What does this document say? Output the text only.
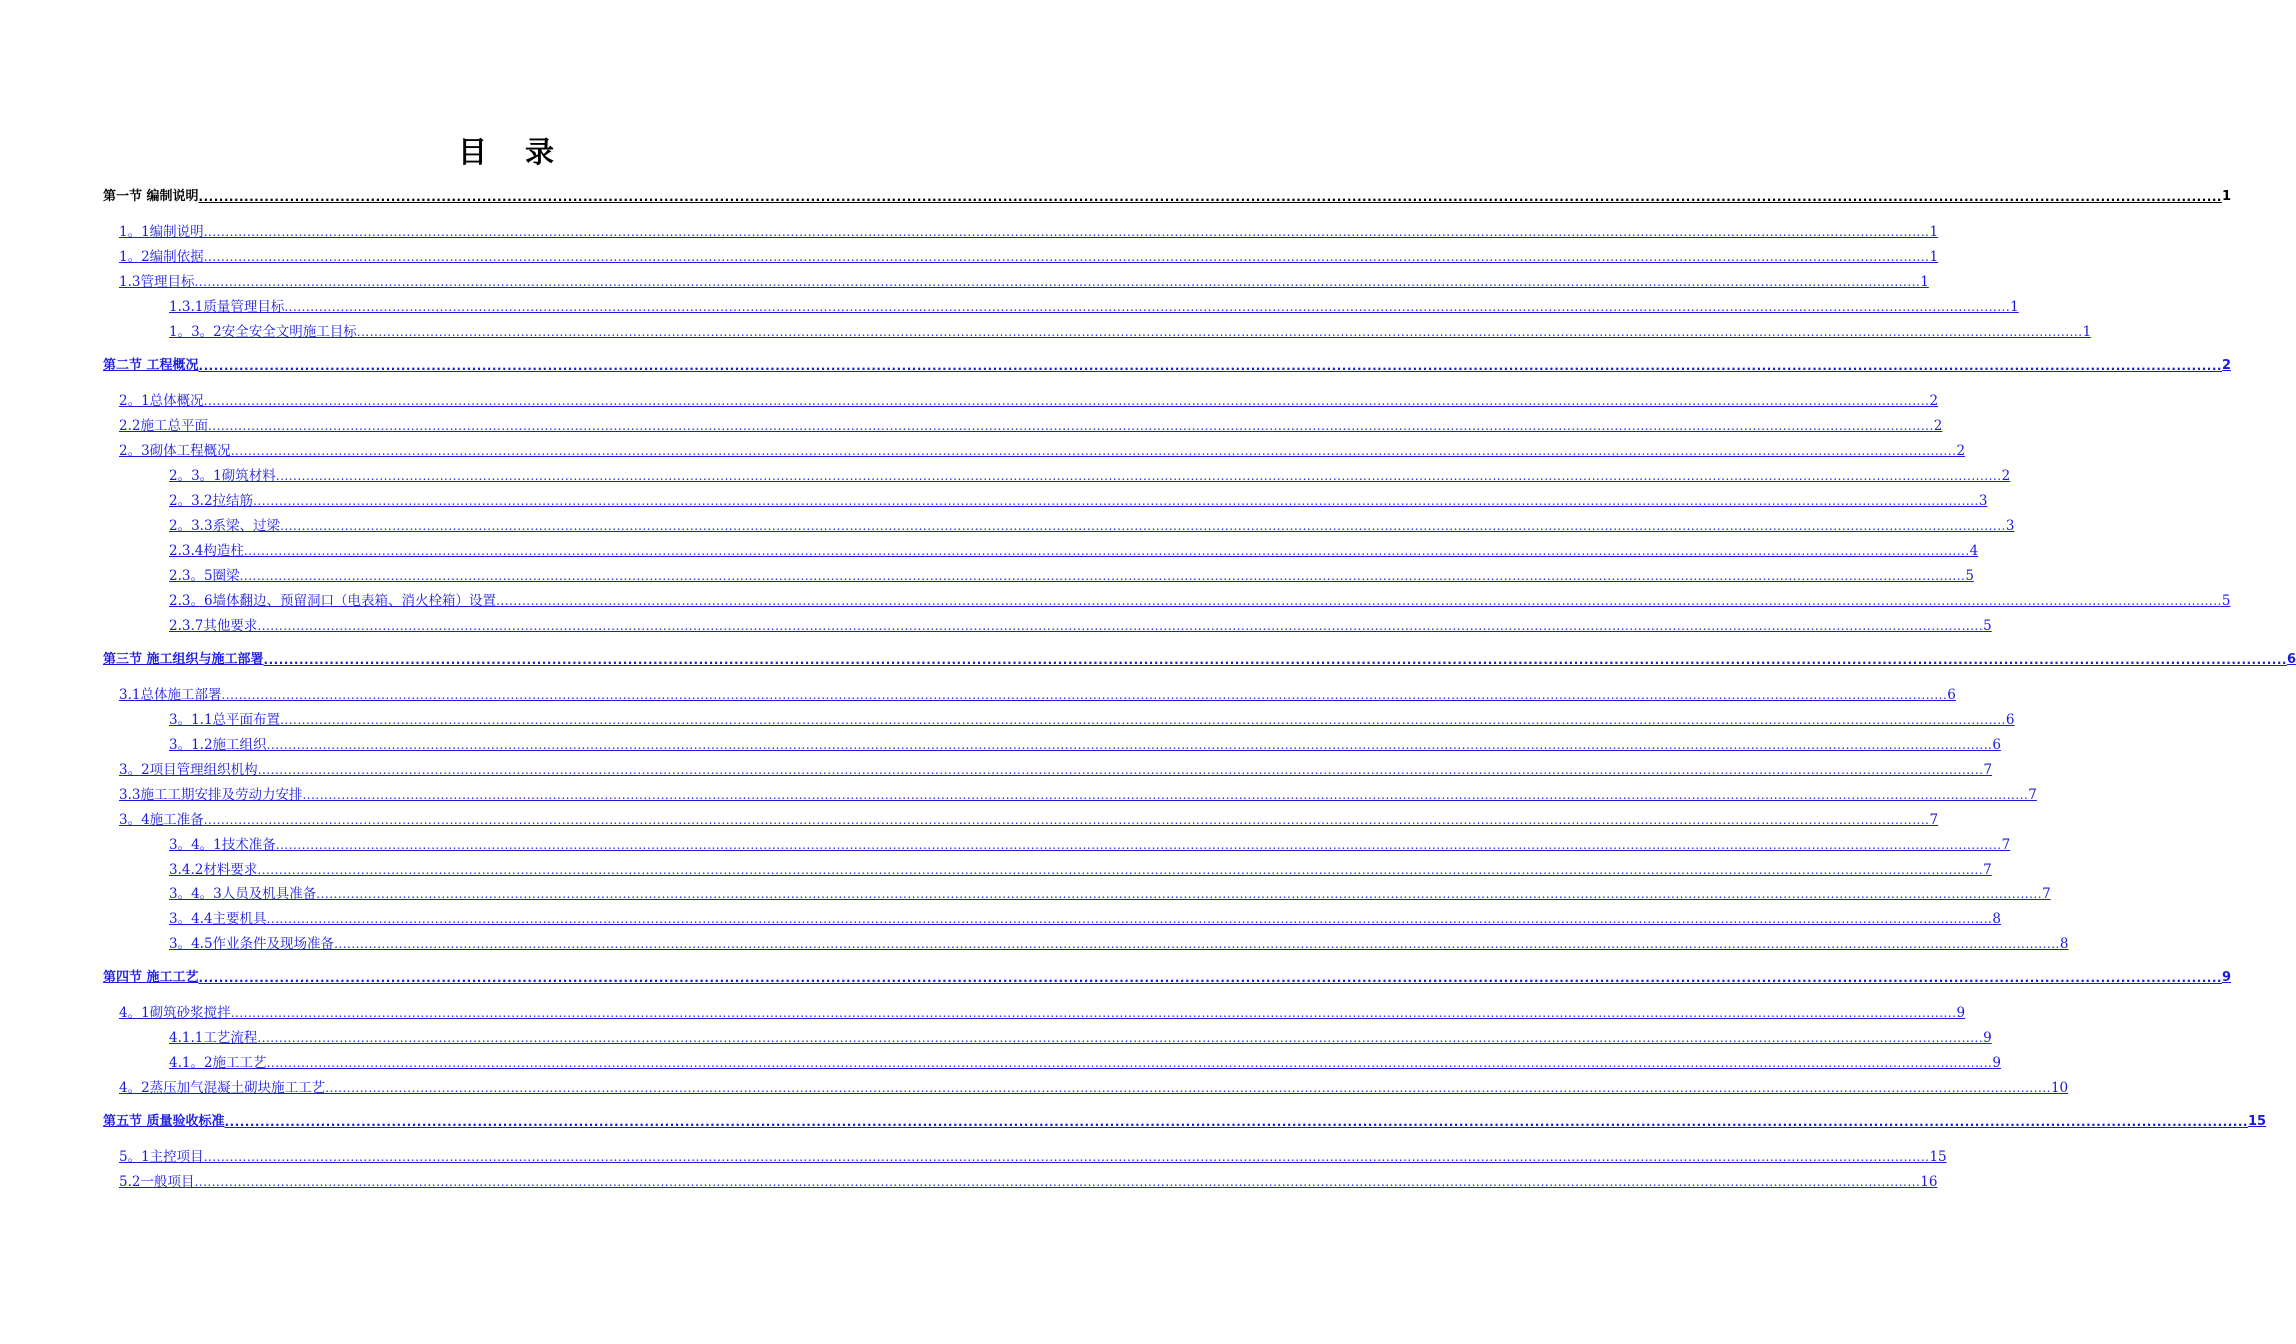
目 录
第一节 编制说明 ................................................................................................................................................................................................................................................................................................................................................................................................................ 1
1。1编制说明 ................................................................................................................................................................................................................................................................................................................................................................................................................ 1
1。2编制依据 ................................................................................................................................................................................................................................................................................................................................................................................................................ 1
1.3管理目标 ................................................................................................................................................................................................................................................................................................................................................................................................................ 1
1.3.1质量管理目标 ................................................................................................................................................................................................................................................................................................................................................................................................................ 1
1。3。2安全安全文明施工目标 ................................................................................................................................................................................................................................................................................................................................................................................................................ 1
第二节 工程概况 ................................................................................................................................................................................................................................................................................................................................................................................................................ 2
2。1总体概况 ................................................................................................................................................................................................................................................................................................................................................................................................................ 2
2.2施工总平面 ................................................................................................................................................................................................................................................................................................................................................................................................................ 2
2。3砌体工程概况 ................................................................................................................................................................................................................................................................................................................................................................................................................ 2
2。3。1砌筑材料 ................................................................................................................................................................................................................................................................................................................................................................................................................ 2
2。3.2拉结筋 ................................................................................................................................................................................................................................................................................................................................................................................................................ 3
2。3.3系梁、过梁 ................................................................................................................................................................................................................................................................................................................................................................................................................ 3
2.3.4构造柱 ................................................................................................................................................................................................................................................................................................................................................................................................................ 4
2.3。5圈梁 ................................................................................................................................................................................................................................................................................................................................................................................................................ 5
2.3。6墙体翻边、预留洞口（电表箱、消火栓箱）设置 ................................................................................................................................................................................................................................................................................................................................................................................................................ 5
2.3.7其他要求 ................................................................................................................................................................................................................................................................................................................................................................................................................ 5
第三节 施工组织与施工部署 ................................................................................................................................................................................................................................................................................................................................................................................................................ 6
3.1总体施工部署 ................................................................................................................................................................................................................................................................................................................................................................................................................ 6
3。1.1总平面布置 ................................................................................................................................................................................................................................................................................................................................................................................................................ 6
3。1.2施工组织 ................................................................................................................................................................................................................................................................................................................................................................................................................ 6
3。2项目管理组织机构 ................................................................................................................................................................................................................................................................................................................................................................................................................ 7
3.3施工工期安排及劳动力安排 ................................................................................................................................................................................................................................................................................................................................................................................................................ 7
3。4施工准备 ................................................................................................................................................................................................................................................................................................................................................................................................................ 7
3。4。1技术准备 ................................................................................................................................................................................................................................................................................................................................................................................................................ 7
3.4.2材料要求 ................................................................................................................................................................................................................................................................................................................................................................................................................ 7
3。4。3人员及机具准备 ................................................................................................................................................................................................................................................................................................................................................................................................................ 7
3。4.4主要机具 ................................................................................................................................................................................................................................................................................................................................................................................................................ 8
3。4.5作业条件及现场准备 ................................................................................................................................................................................................................................................................................................................................................................................................................ 8
第四节 施工工艺 ................................................................................................................................................................................................................................................................................................................................................................................................................ 9
4。1砌筑砂浆搅拌 ................................................................................................................................................................................................................................................................................................................................................................................................................ 9
4.1.1工艺流程 ................................................................................................................................................................................................................................................................................................................................................................................................................ 9
4.1。2施工工艺 ................................................................................................................................................................................................................................................................................................................................................................................................................ 9
4。2蒸压加气混凝土砌块施工工艺 ................................................................................................................................................................................................................................................................................................................................................................................................................ 10
第五节 质量验收标准 ................................................................................................................................................................................................................................................................................................................................................................................................................ 15
5。1主控项目 ................................................................................................................................................................................................................................................................................................................................................................................................................ 15
5.2一般项目 ................................................................................................................................................................................................................................................................................................................................................................................................................ 16
